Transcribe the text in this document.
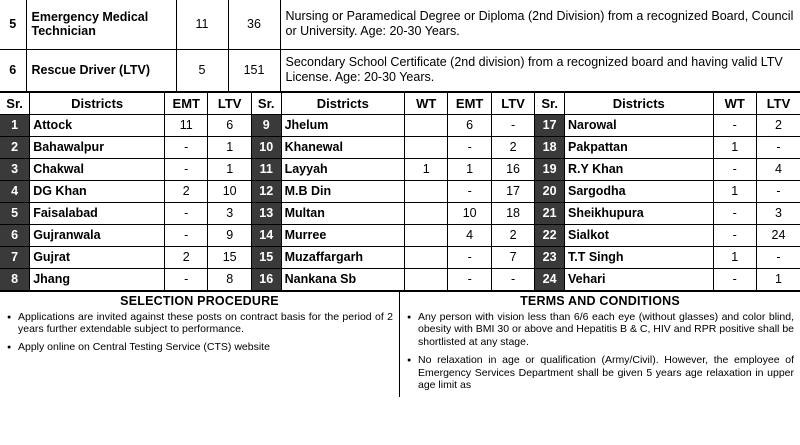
5	Emergency Medical Technician	11	36	Nursing or Paramedical Degree or Diploma (2nd Division) from a recognized Board, Council or University. Age: 20-30 Years.
6	Rescue Driver (LTV)	5	151	Secondary School Certificate (2nd division) from a recognized board and having valid LTV License. Age: 20-30 Years.
Sr.	Districts	EMT	LTV	Sr.	Districts	WT	EMT	LTV	Sr.	Districts	WT	LTV
1	Attock	11	6	9	Jhelum		6	-	17	Narowal	-	2
2	Bahawalpur	-	1	10	Khanewal		-	2	18	Pakpattan	1	-
3	Chakwal	-	1	11	Layyah	1	1	16	19	R.Y Khan	-	4
4	DG Khan	2	10	12	M.B Din		-	17	20	Sargodha	1	-
5	Faisalabad	-	3	13	Multan		10	18	21	Sheikhupura	-	3
6	Gujranwala	-	9	14	Murree		4	2	22	Sialkot	-	24
7	Gujrat	2	15	15	Muzaffargarh		-	7	23	T.T Singh	1	-
8	Jhang	-	8	16	Nankana Sb		-	-	24	Vehari	-	1
SELECTION PROCEDURE
● Applications are invited against these posts on contract basis for the period of 2 years further extendable subject to performance.
● Apply online on Central Testing Service (CTS) website
TERMS AND CONDITIONS
● Any person with vision less than 6/6 each eye (without glasses) and color blind, obesity with BMI 30 or above and Hepatitis B & C, HIV and RPR positive shall be shortlisted at any stage.
● No relaxation in age or qualification (Army/Civil). However, the employee of Emergency Services Department shall be given 5 years age relaxation in upper age limit as
